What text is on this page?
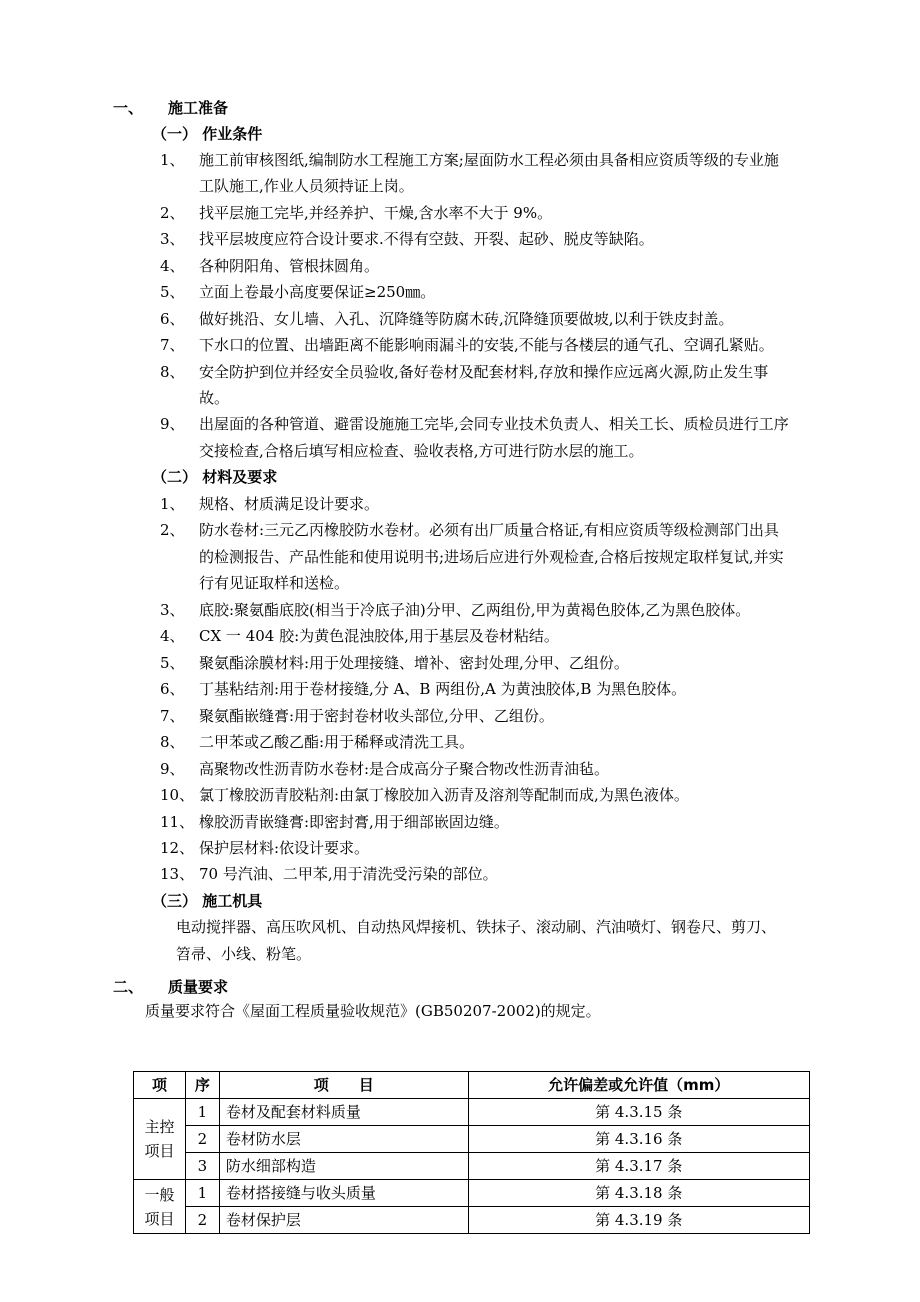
一、 施工准备
（一） 作业条件
1、 施工前审核图纸,编制防水工程施工方案;屋面防水工程必须由具备相应资质等级的专业施
工队施工,作业人员须持证上岗。
2、 找平层施工完毕,并经养护、干燥,含水率不大于 9%。
3、 找平层坡度应符合设计要求.不得有空鼓、开裂、起砂、脱皮等缺陷。
4、 各种阴阳角、管根抹圆角。
5、 立面上卷最小高度要保证≥250㎜。
6、 做好挑沿、女儿墙、入孔、沉降缝等防腐木砖,沉降缝顶要做坡,以利于铁皮封盖。
7、 下水口的位置、出墙距离不能影响雨漏斗的安装,不能与各楼层的通气孔、空调孔紧贴。
8、 安全防护到位并经安全员验收,备好卷材及配套材料,存放和操作应远离火源,防止发生事
故。
9、 出屋面的各种管道、避雷设施施工完毕,会同专业技术负责人、相关工长、质检员进行工序
交接检查,合格后填写相应检查、验收表格,方可进行防水层的施工。
（二） 材料及要求
1、 规格、材质满足设计要求。
2、 防水卷材:三元乙丙橡胶防水卷材。必须有出厂质量合格证,有相应资质等级检测部门出具
的检测报告、产品性能和使用说明书;进场后应进行外观检查,合格后按规定取样复试,并实
行有见证取样和送检。
3、 底胶:聚氨酯底胶(相当于冷底子油)分甲、乙两组份,甲为黄褐色胶体,乙为黑色胶体。
4、 CX 一 404 胶:为黄色混浊胶体,用于基层及卷材粘结。
5、 聚氨酯涂膜材料:用于处理接缝、增补、密封处理,分甲、乙组份。
6、 丁基粘结剂:用于卷材接缝,分 A、B 两组份,A 为黄浊胶体,B 为黑色胶体。
7、 聚氨酯嵌缝膏:用于密封卷材收头部位,分甲、乙组份。
8、 二甲苯或乙酸乙酯:用于稀释或清洗工具。
9、 高聚物改性沥青防水卷材:是合成高分子聚合物改性沥青油毡。
10、 氯丁橡胶沥青胶粘剂:由氯丁橡胶加入沥青及溶剂等配制而成,为黑色液体。
11、 橡胶沥青嵌缝膏:即密封膏,用于细部嵌固边缝。
12、 保护层材料:依设计要求。
13、 70 号汽油、二甲苯,用于清洗受污染的部位。
（三） 施工机具
电动搅拌器、高压吹风机、自动热风焊接机、铁抹子、滚动刷、汽油喷灯、钢卷尺、剪刀、
笤帚、小线、粉笔。
二、 质量要求
质量要求符合《屋面工程质量验收规范》(GB50207-2002)的规定。
项	序	项　　目	允许偏差或允许值（mm）
主控项目	1	卷材及配套材料质量	第 4.3.15 条
	2	卷材防水层	第 4.3.16 条
	3	防水细部构造	第 4.3.17 条
一般项目	1	卷材搭接缝与收头质量	第 4.3.18 条
	2	卷材保护层	第 4.3.19 条
